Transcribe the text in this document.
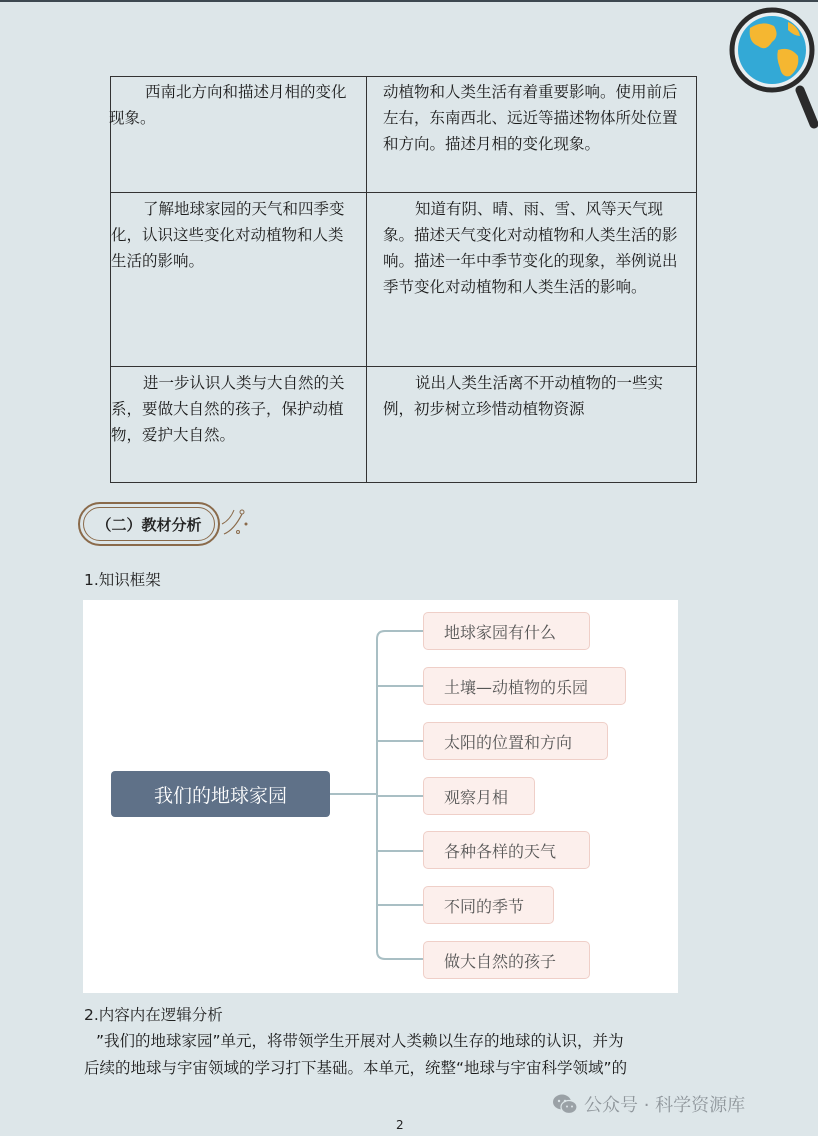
西南北方向和描述月相的变化现象。	动植物和人类生活有着重要影响。使用前后左右，东南西北、远近等描述物体所处位置和方向。描述月相的变化现象。

了解地球家园的天气和四季变化，认识这些变化对动植物和人类生活的影响。	知道有阴、晴、雨、雪、风等天气现象。描述天气变化对动植物和人类生活的影响。描述一年中季节变化的现象，举例说出季节变化对动植物和人类生活的影响。

进一步认识人类与大自然的关系，要做大自然的孩子，保护动植物，爱护大自然。	说出人类生活离不开动植物的一些实例，初步树立珍惜动植物资源
（二）教材分析
1.知识框架
我们的地球家园
地球家园有什么
土壤—动植物的乐园
太阳的位置和方向
观察月相
各种各样的天气
不同的季节
做大自然的孩子
2.内容内在逻辑分析
”我们的地球家园”单元，将带领学生开展对人类赖以生存的地球的认识，并为
后续的地球与宇宙领域的学习打下基础。本单元，统整“地球与宇宙科学领域”的
公众号 · 科学资源库
2
